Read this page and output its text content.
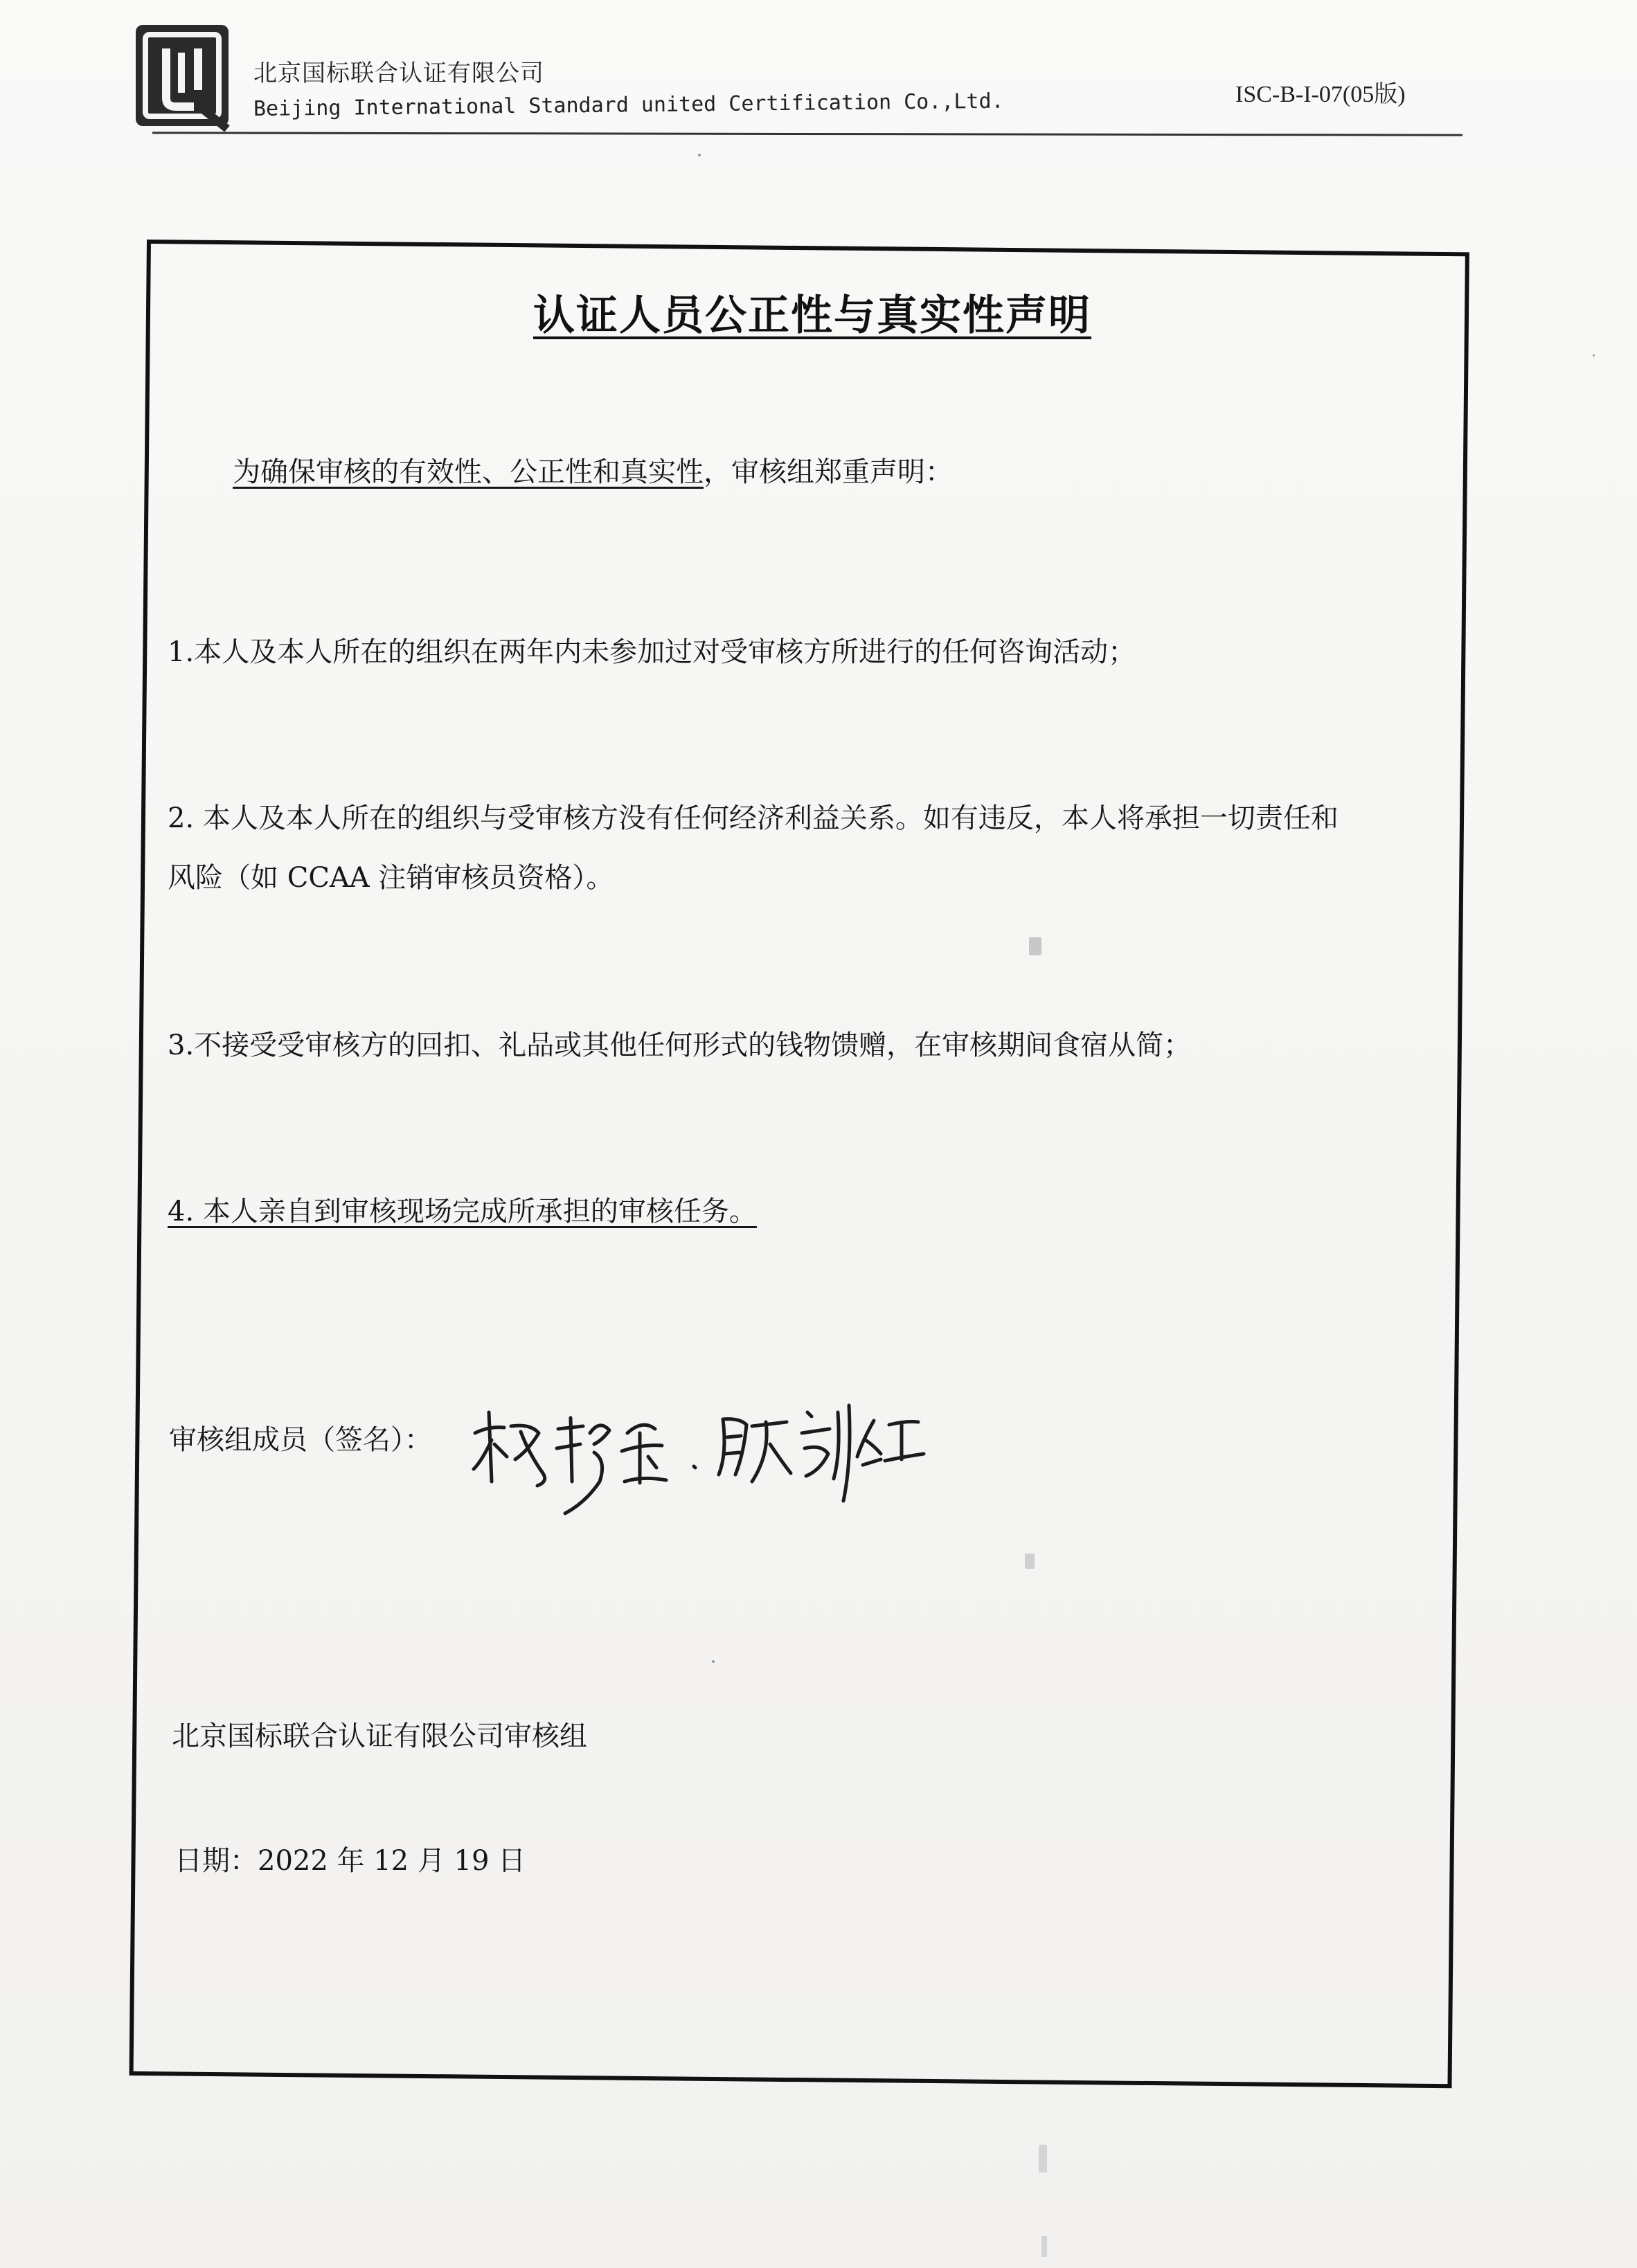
北京国标联合认证有限公司
Beijing International Standard united Certification Co.,Ltd.	ISC-B-I-07(05版)
认证人员公正性与真实性声明
为确保审核的有效性、公正性和真实性，审核组郑重声明：
1.本人及本人所在的组织在两年内未参加过对受审核方所进行的任何咨询活动；
2. 本人及本人所在的组织与受审核方没有任何经济利益关系。如有违反，本人将承担一切责任和
风险（如 CCAA 注销审核员资格）。
3.不接受受审核方的回扣、礼品或其他任何形式的钱物馈赠，在审核期间食宿从简；
4. 本人亲自到审核现场完成所承担的审核任务。
审核组成员（签名）：
北京国标联合认证有限公司审核组
日期：2022 年 12 月 19 日
